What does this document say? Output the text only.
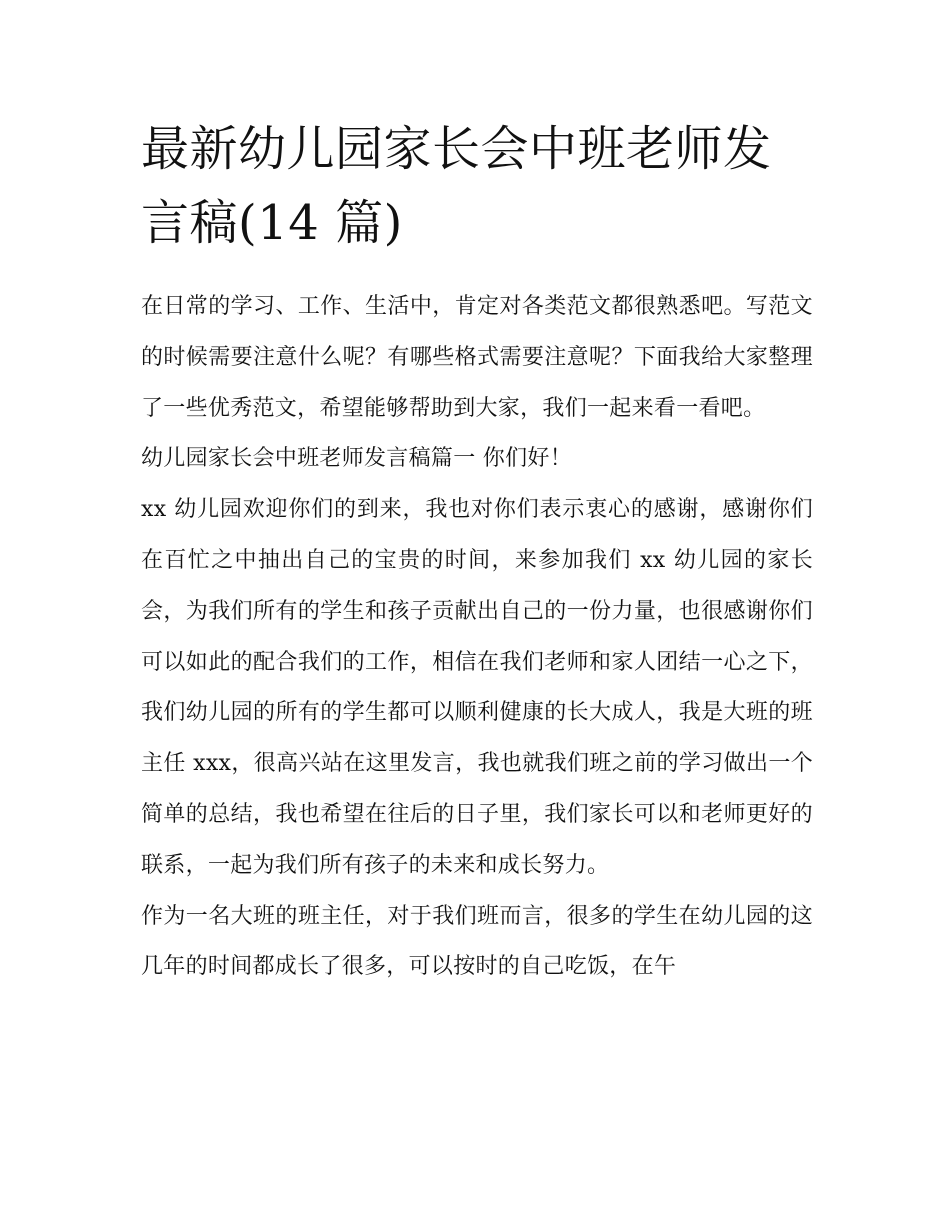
最新幼儿园家长会中班老师发言稿(14 篇)

在日常的学习、工作、生活中，肯定对各类范文都很熟悉吧。写范文的时候需要注意什么呢？有哪些格式需要注意呢？下面我给大家整理了一些优秀范文，希望能够帮助到大家，我们一起来看一看吧。

幼儿园家长会中班老师发言稿篇一 你们好！

xx 幼儿园欢迎你们的到来，我也对你们表示衷心的感谢，感谢你们在百忙之中抽出自己的宝贵的时间，来参加我们 xx 幼儿园的家长会，为我们所有的学生和孩子贡献出自己的一份力量，也很感谢你们可以如此的配合我们的工作，相信在我们老师和家人团结一心之下，我们幼儿园的所有的学生都可以顺利健康的长大成人，我是大班的班主任 xxx，很高兴站在这里发言，我也就我们班之前的学习做出一个简单的总结，我也希望在往后的日子里，我们家长可以和老师更好的联系，一起为我们所有孩子的未来和成长努力。

作为一名大班的班主任，对于我们班而言，很多的学生在幼儿园的这几年的时间都成长了很多，可以按时的自己吃饭，在午
